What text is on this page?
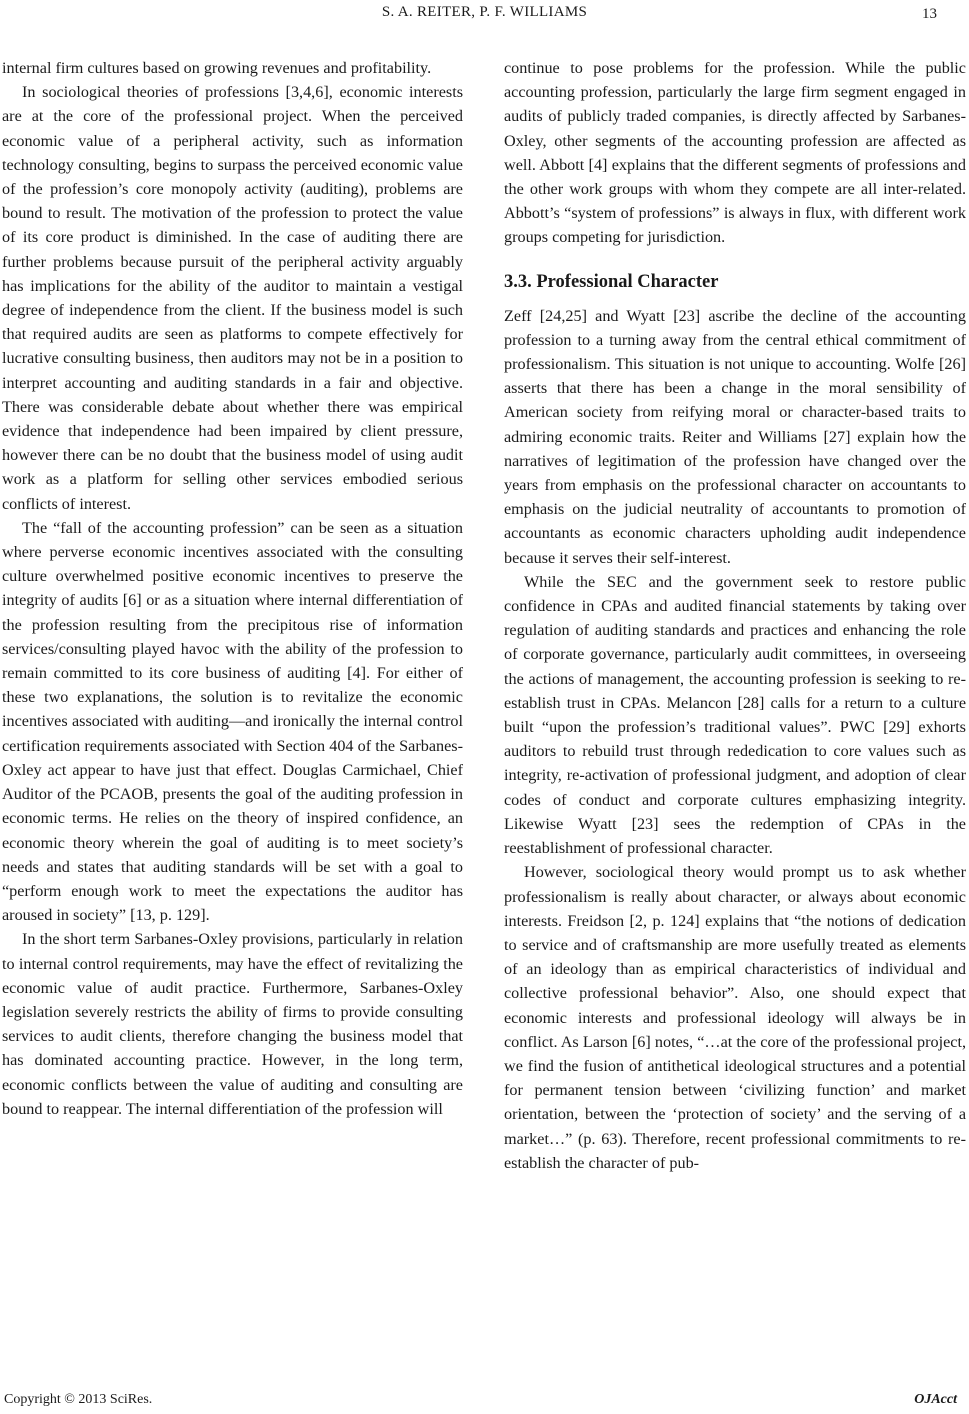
S. A. REITER, P. F. WILLIAMS	13

internal firm cultures based on growing revenues and profitability.

In sociological theories of professions [3,4,6], economic interests are at the core of the professional project. When the perceived economic value of a peripheral activity, such as information technology consulting, begins to surpass the perceived economic value of the profession’s core monopoly activity (auditing), problems are bound to result. The motivation of the profession to protect the value of its core product is diminished. In the case of auditing there are further problems because pursuit of the peripheral activity arguably has implications for the ability of the auditor to maintain a vestigal degree of independence from the client. If the business model is such that required audits are seen as platforms to compete effectively for lucrative consulting business, then auditors may not be in a position to interpret accounting and auditing standards in a fair and objective. There was considerable debate about whether there was empirical evidence that independence had been impaired by client pressure, however there can be no doubt that the business model of using audit work as a platform for selling other services embodied serious conflicts of interest.

The “fall of the accounting profession” can be seen as a situation where perverse economic incentives associated with the consulting culture overwhelmed positive economic incentives to preserve the integrity of audits [6] or as a situation where internal differentiation of the profession resulting from the precipitous rise of information services/consulting played havoc with the ability of the profession to remain committed to its core business of auditing [4]. For either of these two explanations, the solution is to revitalize the economic incentives associated with auditing—and ironically the internal control certification requirements associated with Section 404 of the Sarbanes-Oxley act appear to have just that effect. Douglas Carmichael, Chief Auditor of the PCAOB, presents the goal of the auditing profession in economic terms. He relies on the theory of inspired confidence, an economic theory wherein the goal of auditing is to meet society’s needs and states that auditing standards will be set with a goal to “perform enough work to meet the expectations the auditor has aroused in society” [13, p. 129].

In the short term Sarbanes-Oxley provisions, particularly in relation to internal control requirements, may have the effect of revitalizing the economic value of audit practice. Furthermore, Sarbanes-Oxley legislation severely restricts the ability of firms to provide consulting services to audit clients, therefore changing the business model that has dominated accounting practice. However, in the long term, economic conflicts between the value of auditing and consulting are bound to reappear. The internal differentiation of the profession will

continue to pose problems for the profession. While the public accounting profession, particularly the large firm segment engaged in audits of publicly traded companies, is directly affected by Sarbanes-Oxley, other segments of the accounting profession are affected as well. Abbott [4] explains that the different segments of professions and the other work groups with whom they compete are all inter-related. Abbott’s “system of professions” is always in flux, with different work groups competing for jurisdiction.

3.3. Professional Character

Zeff [24,25] and Wyatt [23] ascribe the decline of the accounting profession to a turning away from the central ethical commitment of professionalism. This situation is not unique to accounting. Wolfe [26] asserts that there has been a change in the moral sensibility of American society from reifying moral or character-based traits to admiring economic traits. Reiter and Williams [27] explain how the narratives of legitimation of the profession have changed over the years from emphasis on the professional character on accountants to emphasis on the judicial neutrality of accountants to promotion of accountants as economic characters upholding audit independence because it serves their self-interest.

While the SEC and the government seek to restore public confidence in CPAs and audited financial statements by taking over regulation of auditing standards and practices and enhancing the role of corporate governance, particularly audit committees, in overseeing the actions of management, the accounting profession is seeking to re-establish trust in CPAs. Melancon [28] calls for a return to a culture built “upon the profession’s traditional values”. PWC [29] exhorts auditors to rebuild trust through rededication to core values such as integrity, re-activation of professional judgment, and adoption of clear codes of conduct and corporate cultures emphasizing integrity. Likewise Wyatt [23] sees the redemption of CPAs in the reestablishment of professional character.

However, sociological theory would prompt us to ask whether professionalism is really about character, or always about economic interests. Freidson [2, p. 124] explains that “the notions of dedication to service and of craftsmanship are more usefully treated as elements of an ideology than as empirical characteristics of individual and collective professional behavior”. Also, one should expect that economic interests and professional ideology will always be in conflict. As Larson [6] notes, “…at the core of the professional project, we find the fusion of antithetical ideological structures and a potential for permanent tension between ‘civilizing function’ and market orientation, between the ‘protection of society’ and the serving of a market…” (p. 63). Therefore, recent professional commitments to re-establish the character of pub-

Copyright © 2013 SciRes.	OJAcct
